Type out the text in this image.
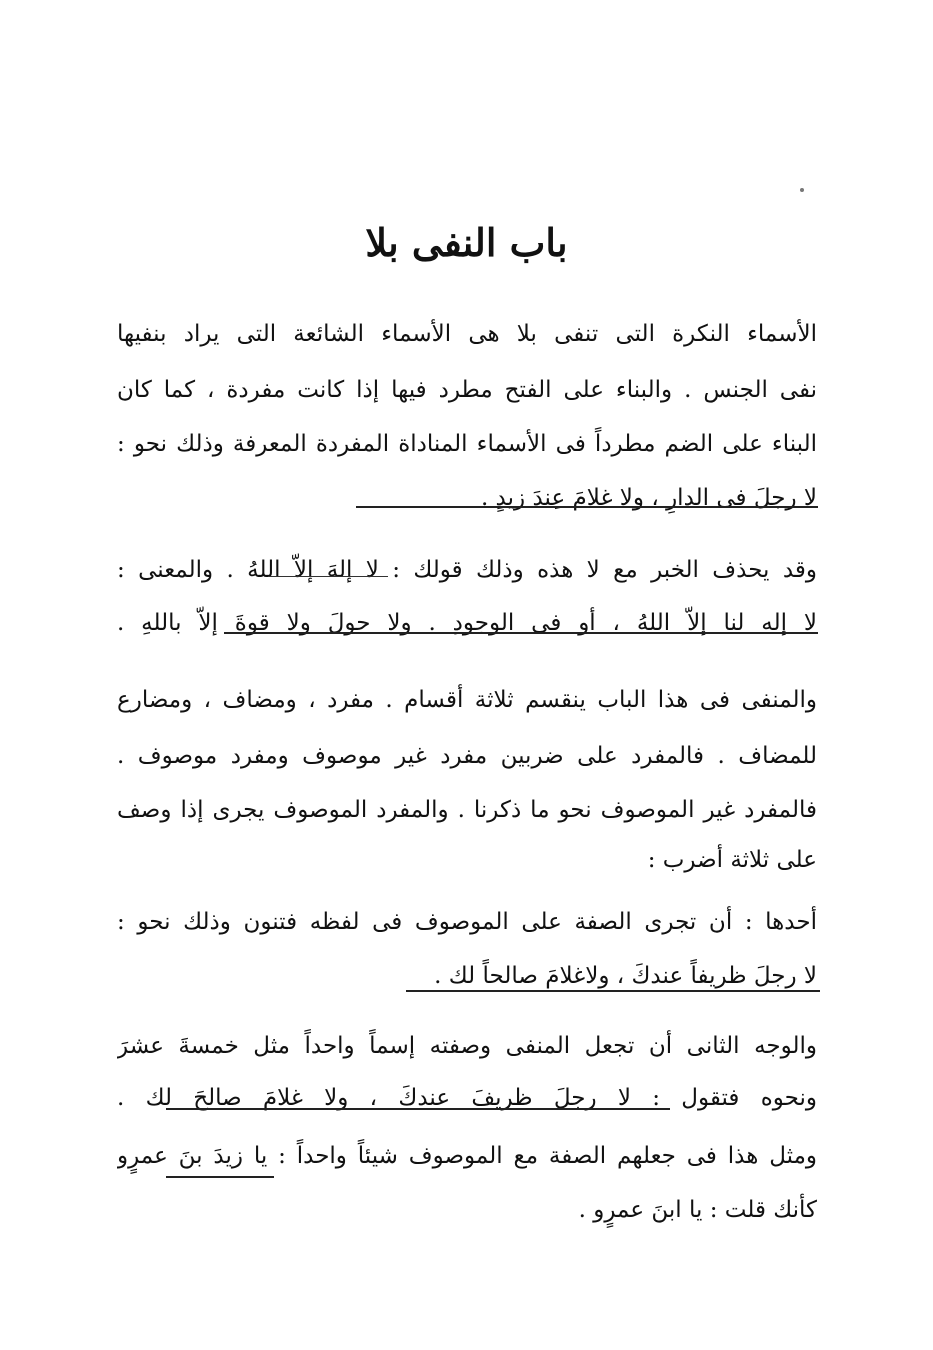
باب النفى بلا
الأسماء النكرة التى تنفى بلا هى الأسماء الشائعة التى يراد بنفيها
نفى الجنس . والبناء على الفتح مطرد فيها إذا كانت مفردة ، كما كان
البناء على الضم مطرداً فى الأسماء المناداة المفردة المعرفة وذلك نحو :
لا رجلَ فى الدارِ ، ولا غلامَ عِندَ زيدٍ .
وقد يحذف الخبر مع لا هذه وذلك قولك : لا إلهَ إلاّ اللهُ . والمعنى :
لا إله لنا إلاّ اللهُ ، أو فى الوجودِ . ولا حولَ ولا قوةَ إلاّ باللهِ .
والمنفى فى هذا الباب ينقسم ثلاثة أقسام . مفرد ، ومضاف ، ومضارع
للمضاف . فالمفرد على ضربين مفرد غير موصوف ومفرد موصوف .
فالمفرد غير الموصوف نحو ما ذكرنا . والمفرد الموصوف يجرى إذا وصف
على ثلاثة أضرب :
أحدها : أن تجرى الصفة على الموصوف فى لفظه فتنون وذلك نحو :
لا رجلَ ظريفاً عندكَ ، ولاغلامَ صالحاً لك .
والوجه الثانى أن تجعل المنفى وصفته إسماً واحداً مثل خمسةَ عشرَ
ونحوه فتقول : لا رجلَ ظريفَ عندكَ ، ولا غلامَ صالحَ لك .
ومثل هذا فى جعلهم الصفة مع الموصوف شيئاً واحداً : يا زيدَ بنَ عمرٍو
كأنك قلت : يا ابنَ عمرٍو .
